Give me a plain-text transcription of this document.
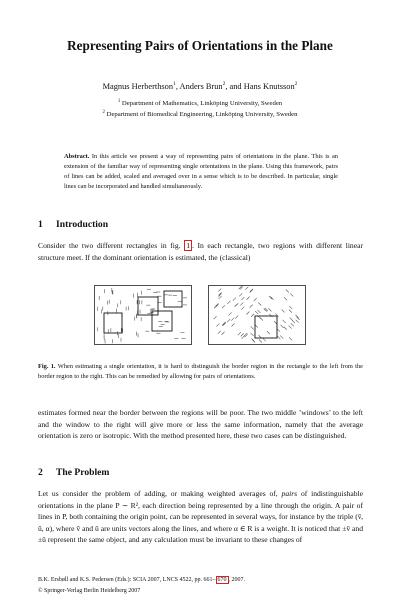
Representing Pairs of Orientations in the Plane
Magnus Herberthson$^1$, Anders Brun$^2$, and Hans Knutsson$^2$
$^1$ Department of Mathematics, Linköping University, Sweden
$^2$ Department of Biomedical Engineering, Linköping University, Sweden
Abstract. In this article we present a way of representing pairs of orientations in the plane. This is an extension of the familiar way of representing single orientations in the plane. Using this framework, pairs of lines can be added, scaled and averaged over in a sense which is to be described. In particular, single lines can be incorporated and handled simultaneously.
1 Introduction
Consider the two different rectangles in fig. 1 . In each rectangle, two regions with different linear structure meet. If the dominant orientation is estimated, the (classical)
Fig. 1. When estimating a single orientation, it is hard to distinguish the border region in the rectangle to the left from the border region to the right. This can be remedied by allowing for pairs of orientations.
estimates formed near the border between the regions will be poor. The two middle ’windows’ to the left and the window to the right will give more or less the same information, namely that the average orientation is zero or isotropic. With the method presented here, these two cases can be distinguished.
2 The Problem
Let us consider the problem of adding, or making weighted averages of, pairs of indistinguishable orientations in the plane P ∼ R², each direction being represented by a line through the origin. A pair of lines in P, both containing the origin point, can be represented in several ways, for instance by the triple (v̂, û, α), where v̂ and û are units vectors along the lines, and where α ∈ R is a weight. It is noticed that ±v̂ and ±û represent the same object, and any calculation must be invariant to these changes of
B.K. Ersbøll and K.S. Pedersen (Eds.): SCIA 2007, LNCS 4522, pp. 661– 670 , 2007.
© Springer-Verlag Berlin Heidelberg 2007
